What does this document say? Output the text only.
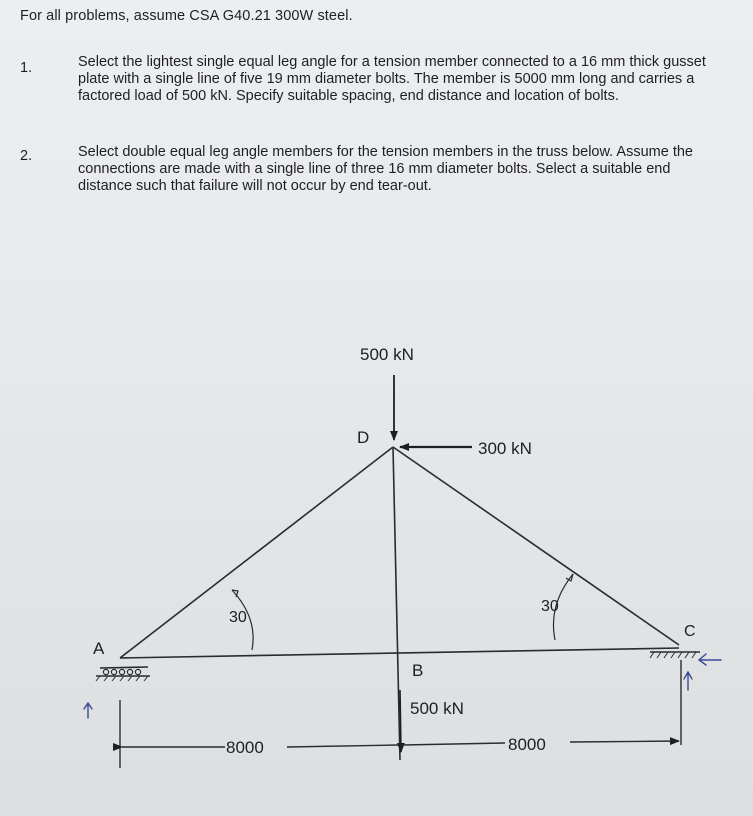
For all problems, assume CSA G40.21 300W steel.
1.	Select the lightest single equal leg angle for a tension member connected to a 16 mm thick gusset plate with a single line of five 19 mm diameter bolts. The member is 5000 mm long and carries a factored load of 500 kN. Specify suitable spacing, end distance and location of bolts.
2.	Select double equal leg angle members for the tension members in the truss below. Assume the connections are made with a single line of three 16 mm diameter bolts. Select a suitable end distance such that failure will not occur by end tear-out.
A
D
B
C
500 kN
300 kN
500 kN
30
30
8000	8000
